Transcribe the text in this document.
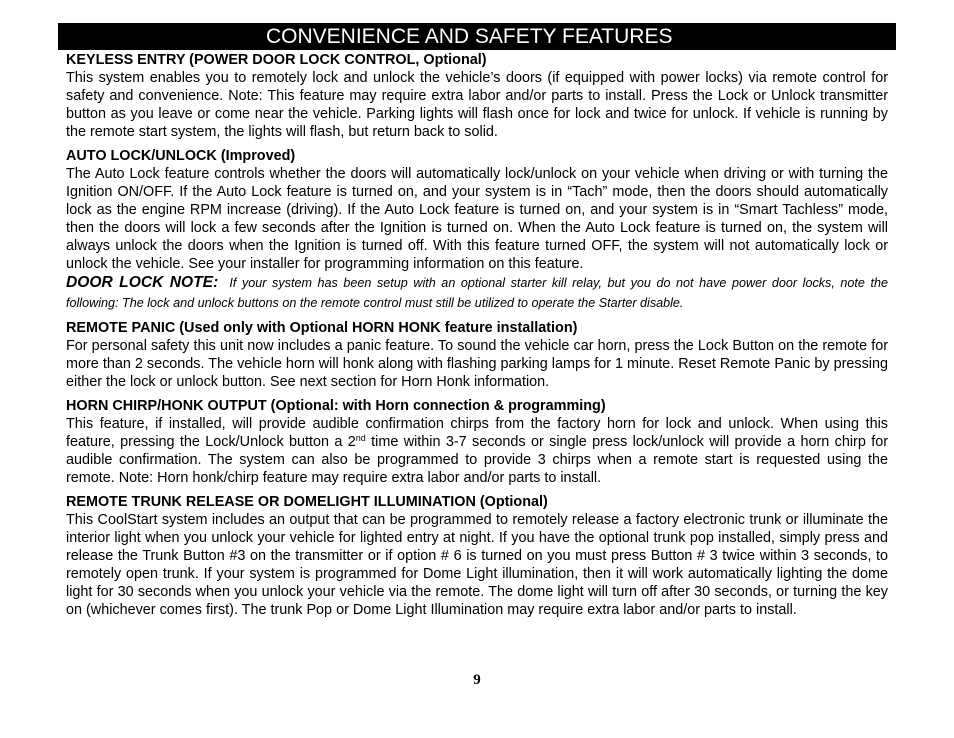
CONVENIENCE AND SAFETY FEATURES
KEYLESS ENTRY (POWER DOOR LOCK CONTROL, Optional)

This system enables you to remotely lock and unlock the vehicle’s doors (if equipped with power locks) via remote control for safety and convenience. Note: This feature may require extra labor and/or parts to install. Press the Lock or Unlock transmitter button as you leave or come near the vehicle. Parking lights will flash once for lock and twice for unlock. If vehicle is running by the remote start system, the lights will flash, but return back to solid.

AUTO LOCK/UNLOCK (Improved)

The Auto Lock feature controls whether the doors will automatically lock/unlock on your vehicle when driving or with turning the Ignition ON/OFF. If the Auto Lock feature is turned on, and your system is in “Tach” mode, then the doors should automatically lock as the engine RPM increase (driving). If the Auto Lock feature is turned on, and your system is in “Smart Tachless” mode, then the doors will lock a few seconds after the Ignition is turned on. When the Auto Lock feature is turned on, the system will always unlock the doors when the Ignition is turned off. With this feature turned OFF, the system will not automatically lock or unlock the vehicle. See your installer for programming information on this feature.

DOOR LOCK NOTE: If your system has been setup with an optional starter kill relay, but you do not have power door locks, note the following: The lock and unlock buttons on the remote control must still be utilized to operate the Starter disable.
REMOTE PANIC (Used only with Optional HORN HONK feature installation)

For personal safety this unit now includes a panic feature. To sound the vehicle car horn, press the Lock Button on the remote for more than 2 seconds. The vehicle horn will honk along with flashing parking lamps for 1 minute. Reset Remote Panic by pressing either the lock or unlock button. See next section for Horn Honk information.

HORN CHIRP/HONK OUTPUT (Optional: with Horn connection & programming)

This feature, if installed, will provide audible confirmation chirps from the factory horn for lock and unlock. When using this feature, pressing the Lock/Unlock button a 2nd time within 3-7 seconds or single press lock/unlock will provide a horn chirp for audible confirmation. The system can also be programmed to provide 3 chirps when a remote start is requested using the remote. Note: Horn honk/chirp feature may require extra labor and/or parts to install.

REMOTE TRUNK RELEASE OR DOMELIGHT ILLUMINATION (Optional)

This CoolStart system includes an output that can be programmed to remotely release a factory electronic trunk or illuminate the interior light when you unlock your vehicle for lighted entry at night. If you have the optional trunk pop installed, simply press and release the Trunk Button #3 on the transmitter or if option # 6 is turned on you must press Button # 3 twice within 3 seconds, to remotely open trunk. If your system is programmed for Dome Light illumination, then it will work automatically lighting the dome light for 30 seconds when you unlock your vehicle via the remote. The dome light will turn off after 30 seconds, or turning the key on (whichever comes first). The trunk Pop or Dome Light Illumination may require extra labor and/or parts to install.

9
